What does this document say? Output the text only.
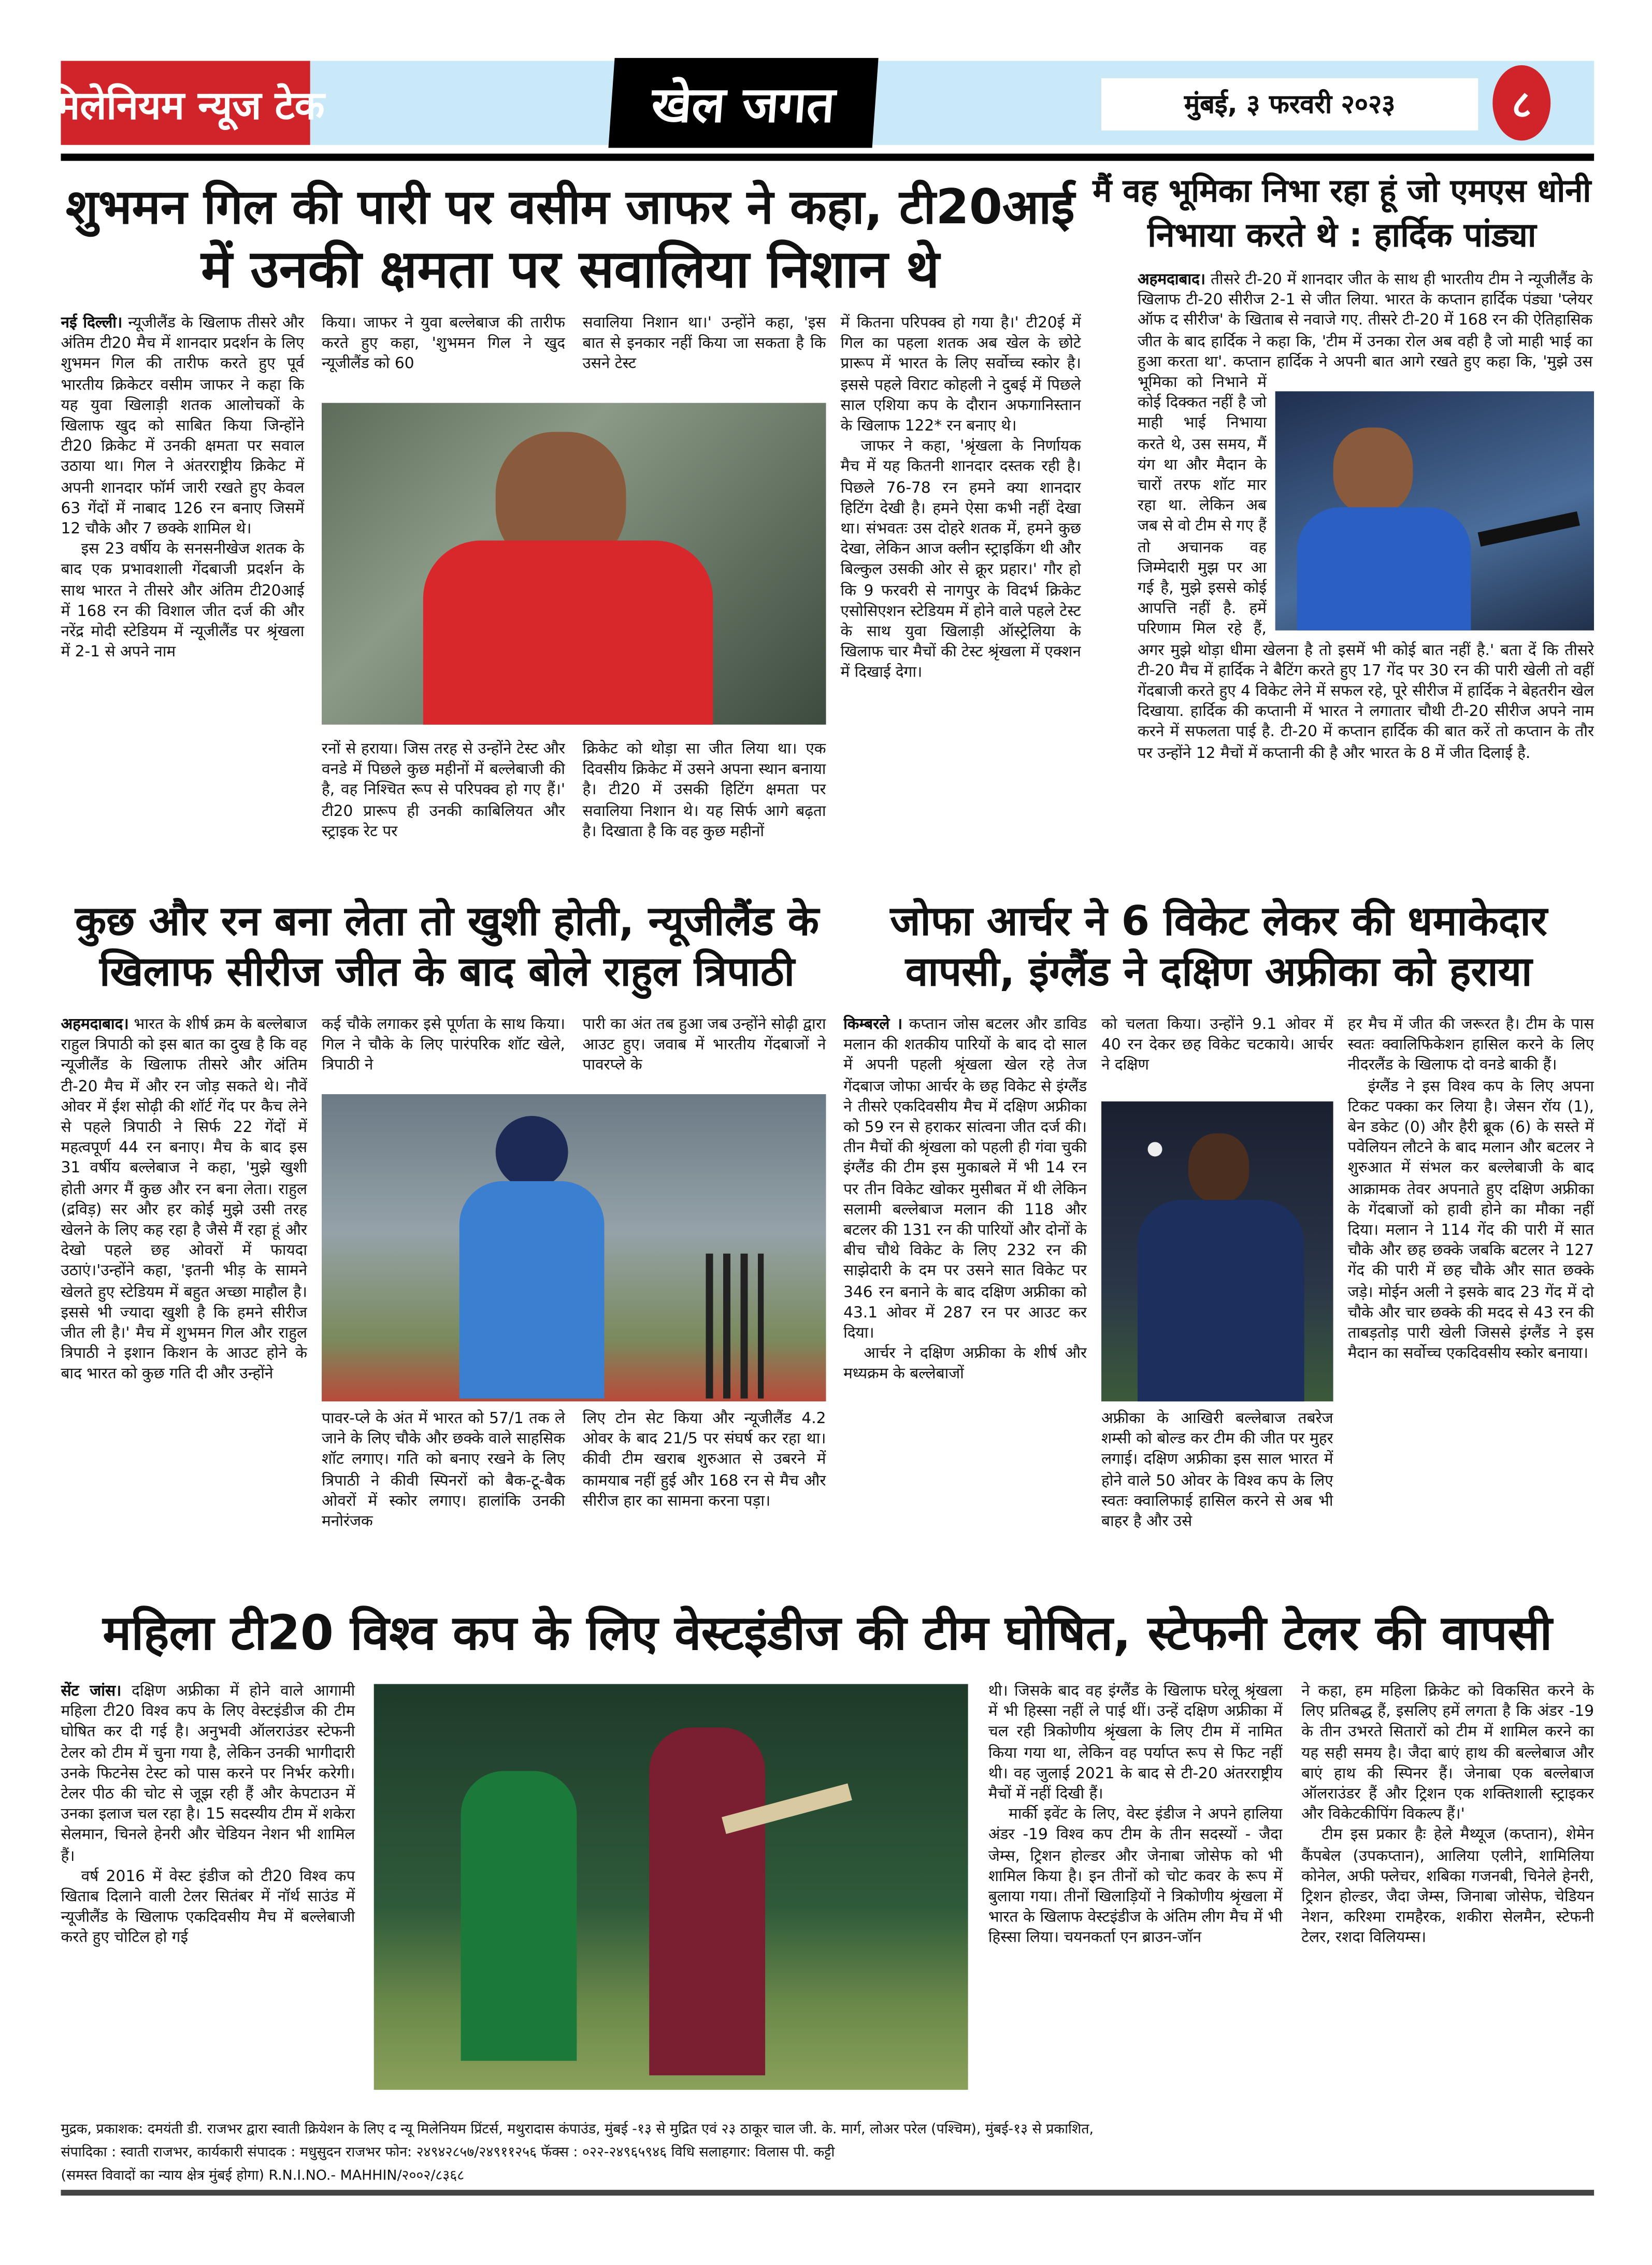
मिलेनियम न्यूज टेक	खेल जगत	मुंबई, ३ फरवरी २०२३	८
शुभमन गिल की पारी पर वसीम जाफर ने कहा, टी20आई
में उनकी क्षमता पर सवालिया निशान थे

नई दिल्ली। न्यूजीलैंड के खिलाफ तीसरे और अंतिम टी20 मैच में शानदार प्रदर्शन के लिए शुभमन गिल की तारीफ करते हुए पूर्व भारतीय क्रिकेटर वसीम जाफर ने कहा कि यह युवा खिलाड़ी शतक आलोचकों के खिलाफ खुद को साबित किया जिन्होंने टी20 क्रिकेट में उनकी क्षमता पर सवाल उठाया था। गिल ने अंतरराष्ट्रीय क्रिकेट में अपनी शानदार फॉर्म जारी रखते हुए केवल 63 गेंदों में नाबाद 126 रन बनाए जिसमें 12 चौके और 7 छक्के शामिल थे।

इस 23 वर्षीय के सनसनीखेज शतक के बाद एक प्रभावशाली गेंदबाजी प्रदर्शन के साथ भारत ने तीसरे और अंतिम टी20आई में 168 रन की विशाल जीत दर्ज की और नरेंद्र मोदी स्टेडियम में न्यूजीलैंड पर श्रृंखला में 2-1 से अपने नाम

किया। जाफर ने युवा बल्लेबाज की तारीफ करते हुए कहा, 'शुभमन गिल ने खुद न्यूजीलैंड को 60
सवालिया निशान था।' उन्होंने कहा, 'इस बात से इनकार नहीं किया जा सकता है कि उसने टेस्ट
रनों से हराया। जिस तरह से उन्होंने टेस्ट और वनडे में पिछले कुछ महीनों में बल्लेबाजी की है, वह निश्चित रूप से परिपक्व हो गए हैं।' टी20 प्रारूप ही उनकी काबिलियत और स्ट्राइक रेट पर
क्रिकेट को थोड़ा सा जीत लिया था। एक दिवसीय क्रिकेट में उसने अपना स्थान बनाया है। टी20 में उसकी हिटिंग क्षमता पर सवालिया निशान थे। यह सिर्फ आगे बढ़ता है। दिखाता है कि वह कुछ महीनों

में कितना परिपक्व हो गया है।' टी20ई में गिल का पहला शतक अब खेल के छोटे प्रारूप में भारत के लिए सर्वोच्च स्कोर है। इससे पहले विराट कोहली ने दुबई में पिछले साल एशिया कप के दौरान अफगानिस्तान के खिलाफ 122* रन बनाए थे।

जाफर ने कहा, 'श्रृंखला के निर्णायक मैच में यह कितनी शानदार दस्तक रही है। पिछले 76-78 रन हमने क्या शानदार हिटिंग देखी है। हमने ऐसा कभी नहीं देखा था। संभवतः उस दोहरे शतक में, हमने कुछ देखा, लेकिन आज क्लीन स्ट्राइकिंग थी और बिल्कुल उसकी ओर से क्रूर प्रहार।' गौर हो कि 9 फरवरी से नागपुर के विदर्भ क्रिकेट एसोसिएशन स्टेडियम में होने वाले पहले टेस्ट के साथ युवा खिलाड़ी ऑस्ट्रेलिया के खिलाफ चार मैचों की टेस्ट श्रृंखला में एक्शन में दिखाई देगा।

मैं वह भूमिका निभा रहा हूं जो एमएस धोनी
निभाया करते थे : हार्दिक पांड्या
अहमदाबाद। तीसरे टी-20 में शानदार जीत के साथ ही भारतीय टीम ने न्यूजीलैंड के खिलाफ टी-20 सीरीज 2-1 से जीत लिया. भारत के कप्तान हार्दिक पंड्या 'प्लेयर ऑफ द सीरीज' के खिताब से नवाजे गए. तीसरे टी-20 में 168 रन की ऐतिहासिक जीत के बाद हार्दिक ने कहा कि, 'टीम में उनका रोल अब वही है जो माही भाई का हुआ करता था'. कप्तान हार्दिक ने अपनी बात आगे रखते हुए कहा कि, 'मुझे उस भूमिका को निभाने में कोई दिक्कत नहीं है जो माही भाई निभाया करते थे, उस समय, मैं यंग था और मैदान के चारों तरफ शॉट मार रहा था. लेकिन अब जब से वो टीम से गए हैं तो अचानक वह जिम्मेदारी मुझ पर आ गई है, मुझे इससे कोई आपत्ति नहीं है. हमें परिणाम मिल रहे हैं, अगर मुझे थोड़ा धीमा खेलना है तो इसमें भी कोई बात नहीं है.' बता दें कि तीसरे टी-20 मैच में हार्दिक ने बैटिंग करते हुए 17 गेंद पर 30 रन की पारी खेली तो वहीं गेंदबाजी करते हुए 4 विकेट लेने में सफल रहे, पूरे सीरीज में हार्दिक ने बेहतरीन खेल दिखाया. हार्दिक की कप्तानी में भारत ने लगातार चौथी टी-20 सीरीज अपने नाम करने में सफलता पाई है. टी-20 में कप्तान हार्दिक की बात करें तो कप्तान के तौर पर उन्होंने 12 मैचों में कप्तानी की है और भारत के 8 में जीत दिलाई है.
कुछ और रन बना लेता तो खुशी होती, न्यूजीलैंड के
खिलाफ सीरीज जीत के बाद बोले राहुल त्रिपाठी
अहमदाबाद। भारत के शीर्ष क्रम के बल्लेबाज राहुल त्रिपाठी को इस बात का दुख है कि वह न्यूजीलैंड के खिलाफ तीसरे और अंतिम टी-20 मैच में और रन जोड़ सकते थे। नौवें ओवर में ईश सोढ़ी की शॉर्ट गेंद पर कैच लेने से पहले त्रिपाठी ने सिर्फ 22 गेंदों में महत्वपूर्ण 44 रन बनाए। मैच के बाद इस 31 वर्षीय बल्लेबाज ने कहा, 'मुझे खुशी होती अगर मैं कुछ और रन बना लेता। राहुल (द्रविड़) सर और हर कोई मुझे उसी तरह खेलने के लिए कह रहा है जैसे मैं रहा हूं और देखो पहले छह ओवरों में फायदा उठाएं।'उन्होंने कहा, 'इतनी भीड़ के सामने खेलते हुए स्टेडियम में बहुत अच्छा माहौल है। इससे भी ज्यादा खुशी है कि हमने सीरीज जीत ली है।' मैच में शुभमन गिल और राहुल त्रिपाठी ने इशान किशन के आउट होने के बाद भारत को कुछ गति दी और उन्होंने
कई चौके लगाकर इसे पूर्णता के साथ किया। गिल ने चौके के लिए पारंपरिक शॉट खेले, त्रिपाठी ने
पारी का अंत तब हुआ जब उन्होंने सोढ़ी द्वारा आउट हुए। जवाब में भारतीय गेंदबाजों ने पावरप्ले के
पावर-प्ले के अंत में भारत को 57/1 तक ले जाने के लिए चौके और छक्के वाले साहसिक शॉट लगाए। गति को बनाए रखने के लिए त्रिपाठी ने कीवी स्पिनरों को बैक-टू-बैक ओवरों में स्कोर लगाए। हालांकि उनकी मनोरंजक
लिए टोन सेट किया और न्यूजीलैंड 4.2 ओवर के बाद 21/5 पर संघर्ष कर रहा था। कीवी टीम खराब शुरुआत से उबरने में कामयाब नहीं हुई और 168 रन से मैच और सीरीज हार का सामना करना पड़ा।
जोफा आर्चर ने 6 विकेट लेकर की धमाकेदार
वापसी, इंग्लैंड ने दक्षिण अफ्रीका को हराया

किम्बरले । कप्तान जोस बटलर और डाविड मलान की शतकीय पारियों के बाद दो साल में अपनी पहली श्रृंखला खेल रहे तेज गेंदबाज जोफा आर्चर के छह विकेट से इंग्लैंड ने तीसरे एकदिवसीय मैच में दक्षिण अफ्रीका को 59 रन से हराकर सांत्वना जीत दर्ज की। तीन मैचों की श्रृंखला को पहली ही गंवा चुकी इंग्लैंड की टीम इस मुकाबले में भी 14 रन पर तीन विकेट खोकर मुसीबत में थी लेकिन सलामी बल्लेबाज मलान की 118 और बटलर की 131 रन की पारियों और दोनों के बीच चौथे विकेट के लिए 232 रन की साझेदारी के दम पर उसने सात विकेट पर 346 रन बनाने के बाद दक्षिण अफ्रीका को 43.1 ओवर में 287 रन पर आउट कर दिया।

आर्चर ने दक्षिण अफ्रीका के शीर्ष और मध्यक्रम के बल्लेबाजों

को चलता किया। उन्होंने 9.1 ओवर में 40 रन देकर छह विकेट चटकाये। आर्चर ने दक्षिण
अफ्रीका के आखिरी बल्लेबाज तबरेज शम्सी को बोल्ड कर टीम की जीत पर मुहर लगाई। दक्षिण अफ्रीका इस साल भारत में होने वाले 50 ओवर के विश्व कप के लिए स्वतः क्वालिफाई हासिल करने से अब भी बाहर है और उसे

हर मैच में जीत की जरूरत है। टीम के पास स्वतः क्वालिफिकेशन हासिल करने के लिए नीदरलैंड के खिलाफ दो वनडे बाकी हैं।

इंग्लैंड ने इस विश्व कप के लिए अपना टिकट पक्का कर लिया है। जेसन रॉय (1), बेन डकेट (0) और हैरी ब्रूक (6) के सस्ते में पवेलियन लौटने के बाद मलान और बटलर ने शुरुआत में संभल कर बल्लेबाजी के बाद आक्रामक तेवर अपनाते हुए दक्षिण अफ्रीका के गेंदबाजों को हावी होने का मौका नहीं दिया। मलान ने 114 गेंद की पारी में सात चौके और छह छक्के जबकि बटलर ने 127 गेंद की पारी में छह चौके और सात छक्के जड़े। मोईन अली ने इसके बाद 23 गेंद में दो चौके और चार छक्के की मदद से 43 रन की ताबड़तोड़ पारी खेली जिससे इंग्लैंड ने इस मैदान का सर्वोच्च एकदिवसीय स्कोर बनाया।

महिला टी20 विश्व कप के लिए वेस्टइंडीज की टीम घोषित, स्टेफनी टेलर की वापसी

सेंट जांस। दक्षिण अफ्रीका में होने वाले आगामी महिला टी20 विश्व कप के लिए वेस्टइंडीज की टीम घोषित कर दी गई है। अनुभवी ऑलराउंडर स्टेफनी टेलर को टीम में चुना गया है, लेकिन उनकी भागीदारी उनके फिटनेस टेस्ट को पास करने पर निर्भर करेगी। टेलर पीठ की चोट से जूझ रही हैं और केपटाउन में उनका इलाज चल रहा है। 15 सदस्यीय टीम में शकेरा सेलमान, चिनले हेनरी और चेडियन नेशन भी शामिल हैं।

वर्ष 2016 में वेस्ट इंडीज को टी20 विश्व कप खिताब दिलाने वाली टेलर सितंबर में नॉर्थ साउंड में न्यूजीलैंड के खिलाफ एकदिवसीय मैच में बल्लेबाजी करते हुए चोटिल हो गई

थी। जिसके बाद वह इंग्लैंड के खिलाफ घरेलू श्रृंखला में भी हिस्सा नहीं ले पाई थीं। उन्हें दक्षिण अफ्रीका में चल रही त्रिकोणीय श्रृंखला के लिए टीम में नामित किया गया था, लेकिन वह पर्याप्त रूप से फिट नहीं थी। वह जुलाई 2021 के बाद से टी-20 अंतरराष्ट्रीय मैचों में नहीं दिखी हैं।

मार्की इवेंट के लिए, वेस्ट इंडीज ने अपने हालिया अंडर -19 विश्व कप टीम के तीन सदस्यों - जैदा जेम्स, ट्रिशन होल्डर और जेनाबा जोसेफ को भी शामिल किया है। इन तीनों को चोट कवर के रूप में बुलाया गया। तीनों खिलाड़ियों ने त्रिकोणीय श्रृंखला में भारत के खिलाफ वेस्टइंडीज के अंतिम लीग मैच में भी हिस्सा लिया। चयनकर्ता एन ब्राउन-जॉन

ने कहा, हम महिला क्रिकेट को विकसित करने के लिए प्रतिबद्ध हैं, इसलिए हमें लगता है कि अंडर -19 के तीन उभरते सितारों को टीम में शामिल करने का यह सही समय है। जैदा बाएं हाथ की बल्लेबाज और बाएं हाथ की स्पिनर हैं। जेनाबा एक बल्लेबाज ऑलराउंडर हैं और ट्रिशन एक शक्तिशाली स्ट्राइकर और विकेटकीपिंग विकल्प हैं।'

टीम इस प्रकार हैः हेले मैथ्यूज (कप्तान), शेमेन कैंपबेल (उपकप्तान), आलिया एलीने, शामिलिया कोनेल, अफी फ्लेचर, शबिका गजनबी, चिनेले हेनरी, ट्रिशन होल्डर, जैदा जेम्स, जिनाबा जोसेफ, चेडियन नेशन, करिश्मा रामहैरक, शकीरा सेलमैन, स्टेफनी टेलर, रशदा विलियम्स।

मुद्रक, प्रकाशक: दमयंती डी. राजभर द्वारा स्वाती क्रियेशन के लिए द न्यू मिलेनियम प्रिंटर्स, मथुरादास कंपाउंड, मुंबई -१३ से मुद्रित एवं २३ ठाकूर चाल जी. के. मार्ग, लोअर परेल (पश्चिम), मुंबई-१३ से प्रकाशित,
संपादिका : स्वाती राजभर, कार्यकारी संपादक : मधुसुदन राजभर फोन: २४९४२८५७/२४९११२५६ फॅक्स : ०२२-२४९६५९४६ विधि सलाहगार: विलास पी. कट्टी
(समस्त विवादों का न्याय क्षेत्र मुंबई होगा) R.N.I.NO.- MAHHIN/२००२/८३६८
